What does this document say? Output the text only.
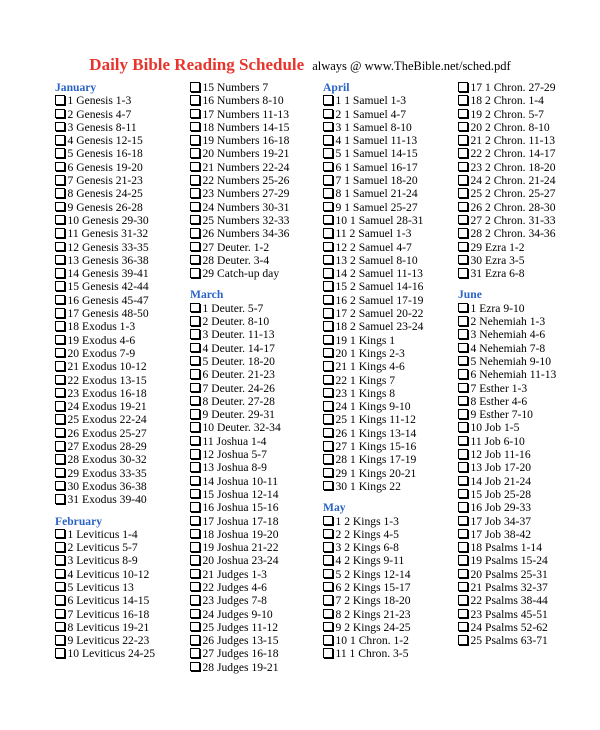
Daily Bible Reading Schedule always @ www.TheBible.net/sched.pdf
January
1 Genesis 1-3
2 Genesis 4-7
3 Genesis 8-11
4 Genesis 12-15
5 Genesis 16-18
6 Genesis 19-20
7 Genesis 21-23
8 Genesis 24-25
9 Genesis 26-28
10 Genesis 29-30
11 Genesis 31-32
12 Genesis 33-35
13 Genesis 36-38
14 Genesis 39-41
15 Genesis 42-44
16 Genesis 45-47
17 Genesis 48-50
18 Exodus 1-3
19 Exodus 4-6
20 Exodus 7-9
21 Exodus 10-12
22 Exodus 13-15
23 Exodus 16-18
24 Exodus 19-21
25 Exodus 22-24
26 Exodus 25-27
27 Exodus 28-29
28 Exodus 30-32
29 Exodus 33-35
30 Exodus 36-38
31 Exodus 39-40
February
1 Leviticus 1-4
2 Leviticus 5-7
3 Leviticus 8-9
4 Leviticus 10-12
5 Leviticus 13
6 Leviticus 14-15
7 Leviticus 16-18
8 Leviticus 19-21
9 Leviticus 22-23
10 Leviticus 24-25
15 Numbers 7
16 Numbers 8-10
17 Numbers 11-13
18 Numbers 14-15
19 Numbers 16-18
20 Numbers 19-21
21 Numbers 22-24
22 Numbers 25-26
23 Numbers 27-29
24 Numbers 30-31
25 Numbers 32-33
26 Numbers 34-36
27 Deuter. 1-2
28 Deuter. 3-4
29 Catch-up day
March
1 Deuter. 5-7
2 Deuter. 8-10
3 Deuter. 11-13
4 Deuter. 14-17
5 Deuter. 18-20
6 Deuter. 21-23
7 Deuter. 24-26
8 Deuter. 27-28
9 Deuter. 29-31
10 Deuter. 32-34
11 Joshua 1-4
12 Joshua 5-7
13 Joshua 8-9
14 Joshua 10-11
15 Joshua 12-14
16 Joshua 15-16
17 Joshua 17-18
18 Joshua 19-20
19 Joshua 21-22
20 Joshua 23-24
21 Judges 1-3
22 Judges 4-6
23 Judges 7-8
24 Judges 9-10
25 Judges 11-12
26 Judges 13-15
27 Judges 16-18
28 Judges 19-21
April
1 1 Samuel 1-3
2 1 Samuel 4-7
3 1 Samuel 8-10
4 1 Samuel 11-13
5 1 Samuel 14-15
6 1 Samuel 16-17
7 1 Samuel 18-20
8 1 Samuel 21-24
9 1 Samuel 25-27
10 1 Samuel 28-31
11 2 Samuel 1-3
12 2 Samuel 4-7
13 2 Samuel 8-10
14 2 Samuel 11-13
15 2 Samuel 14-16
16 2 Samuel 17-19
17 2 Samuel 20-22
18 2 Samuel 23-24
19 1 Kings 1
20 1 Kings 2-3
21 1 Kings 4-6
22 1 Kings 7
23 1 Kings 8
24 1 Kings 9-10
25 1 Kings 11-12
26 1 Kings 13-14
27 1 Kings 15-16
28 1 Kings 17-19
29 1 Kings 20-21
30 1 Kings 22
May
1 2 Kings 1-3
2 2 Kings 4-5
3 2 Kings 6-8
4 2 Kings 9-11
5 2 Kings 12-14
6 2 Kings 15-17
7 2 Kings 18-20
8 2 Kings 21-23
9 2 Kings 24-25
10 1 Chron. 1-2
11 1 Chron. 3-5
17 1 Chron. 27-29
18 2 Chron. 1-4
19 2 Chron. 5-7
20 2 Chron. 8-10
21 2 Chron. 11-13
22 2 Chron. 14-17
23 2 Chron. 18-20
24 2 Chron. 21-24
25 2 Chron. 25-27
26 2 Chron. 28-30
27 2 Chron. 31-33
28 2 Chron. 34-36
29 Ezra 1-2
30 Ezra 3-5
31 Ezra 6-8
June
1 Ezra 9-10
2 Nehemiah 1-3
3 Nehemiah 4-6
4 Nehemiah 7-8
5 Nehemiah 9-10
6 Nehemiah 11-13
7 Esther 1-3
8 Esther 4-6
9 Esther 7-10
10 Job 1-5
11 Job 6-10
12 Job 11-16
13 Job 17-20
14 Job 21-24
15 Job 25-28
16 Job 29-33
17 Job 34-37
17 Job 38-42
18 Psalms 1-14
19 Psalms 15-24
20 Psalms 25-31
21 Psalms 32-37
22 Psalms 38-44
23 Psalms 45-51
24 Psalms 52-62
25 Psalms 63-71
